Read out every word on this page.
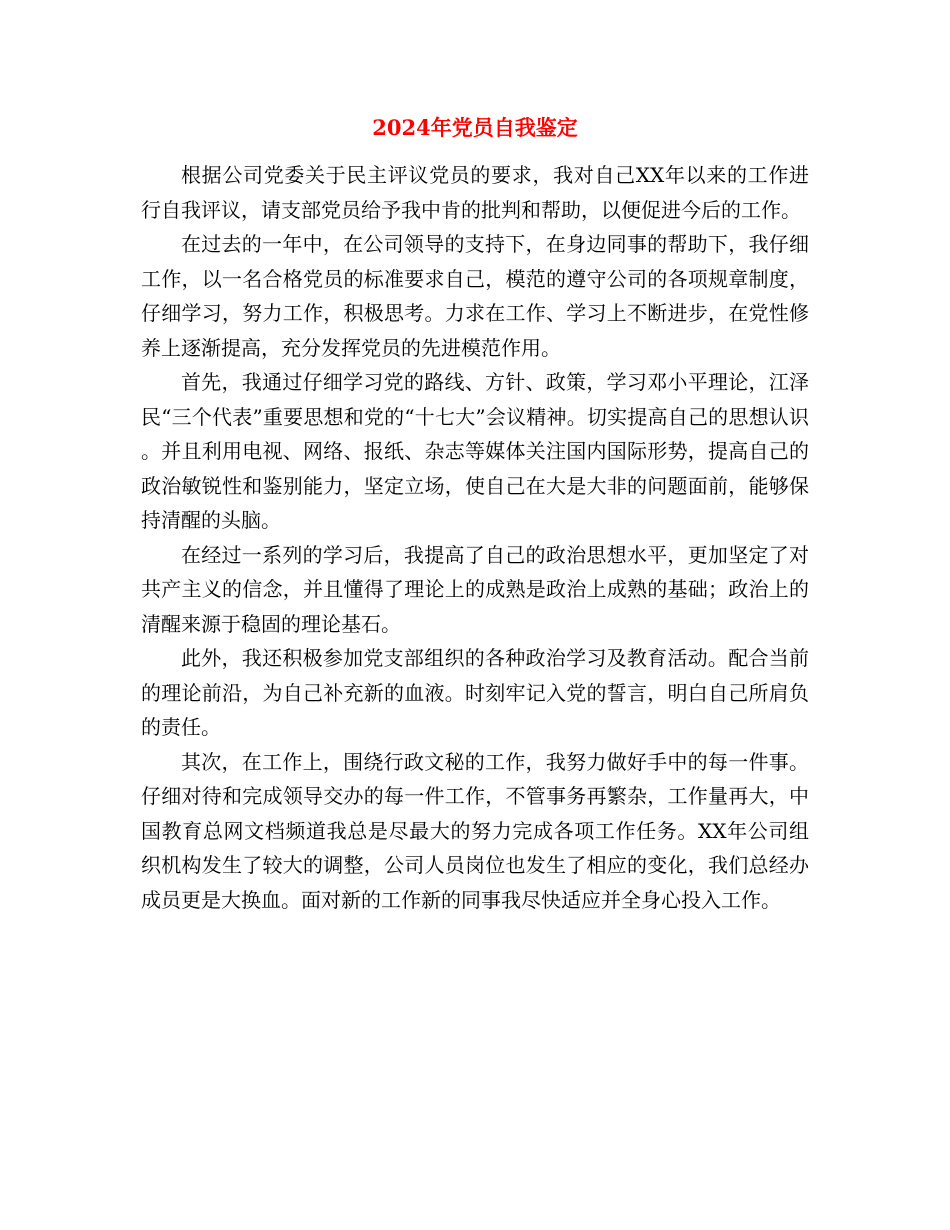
2024年党员自我鉴定

根据公司党委关于民主评议党员的要求，我对自己XX年以来的工作进行自我评议，请支部党员给予我中肯的批判和帮助，以便促进今后的工作。

在过去的一年中，在公司领导的支持下，在身边同事的帮助下，我仔细工作，以一名合格党员的标准要求自己，模范的遵守公司的各项规章制度，仔细学习，努力工作，积极思考。力求在工作、学习上不断进步，在党性修养上逐渐提高，充分发挥党员的先进模范作用。

首先，我通过仔细学习党的路线、方针、政策，学习邓小平理论，江泽民“三个代表”重要思想和党的“十七大”会议精神。切实提高自己的思想认识。并且利用电视、网络、报纸、杂志等媒体关注国内国际形势，提高自己的政治敏锐性和鉴别能力，坚定立场，使自己在大是大非的问题面前，能够保持清醒的头脑。

在经过一系列的学习后，我提高了自己的政治思想水平，更加坚定了对共产主义的信念，并且懂得了理论上的成熟是政治上成熟的基础；政治上的清醒来源于稳固的理论基石。

此外，我还积极参加党支部组织的各种政治学习及教育活动。配合当前的理论前沿，为自己补充新的血液。时刻牢记入党的誓言，明白自己所肩负的责任。

其次，在工作上，围绕行政文秘的工作，我努力做好手中的每一件事。仔细对待和完成领导交办的每一件工作，不管事务再繁杂，工作量再大，中国教育总网文档频道我总是尽最大的努力完成各项工作任务。XX年公司组织机构发生了较大的调整，公司人员岗位也发生了相应的变化，我们总经办成员更是大换血。面对新的工作新的同事我尽快适应并全身心投入工作。
